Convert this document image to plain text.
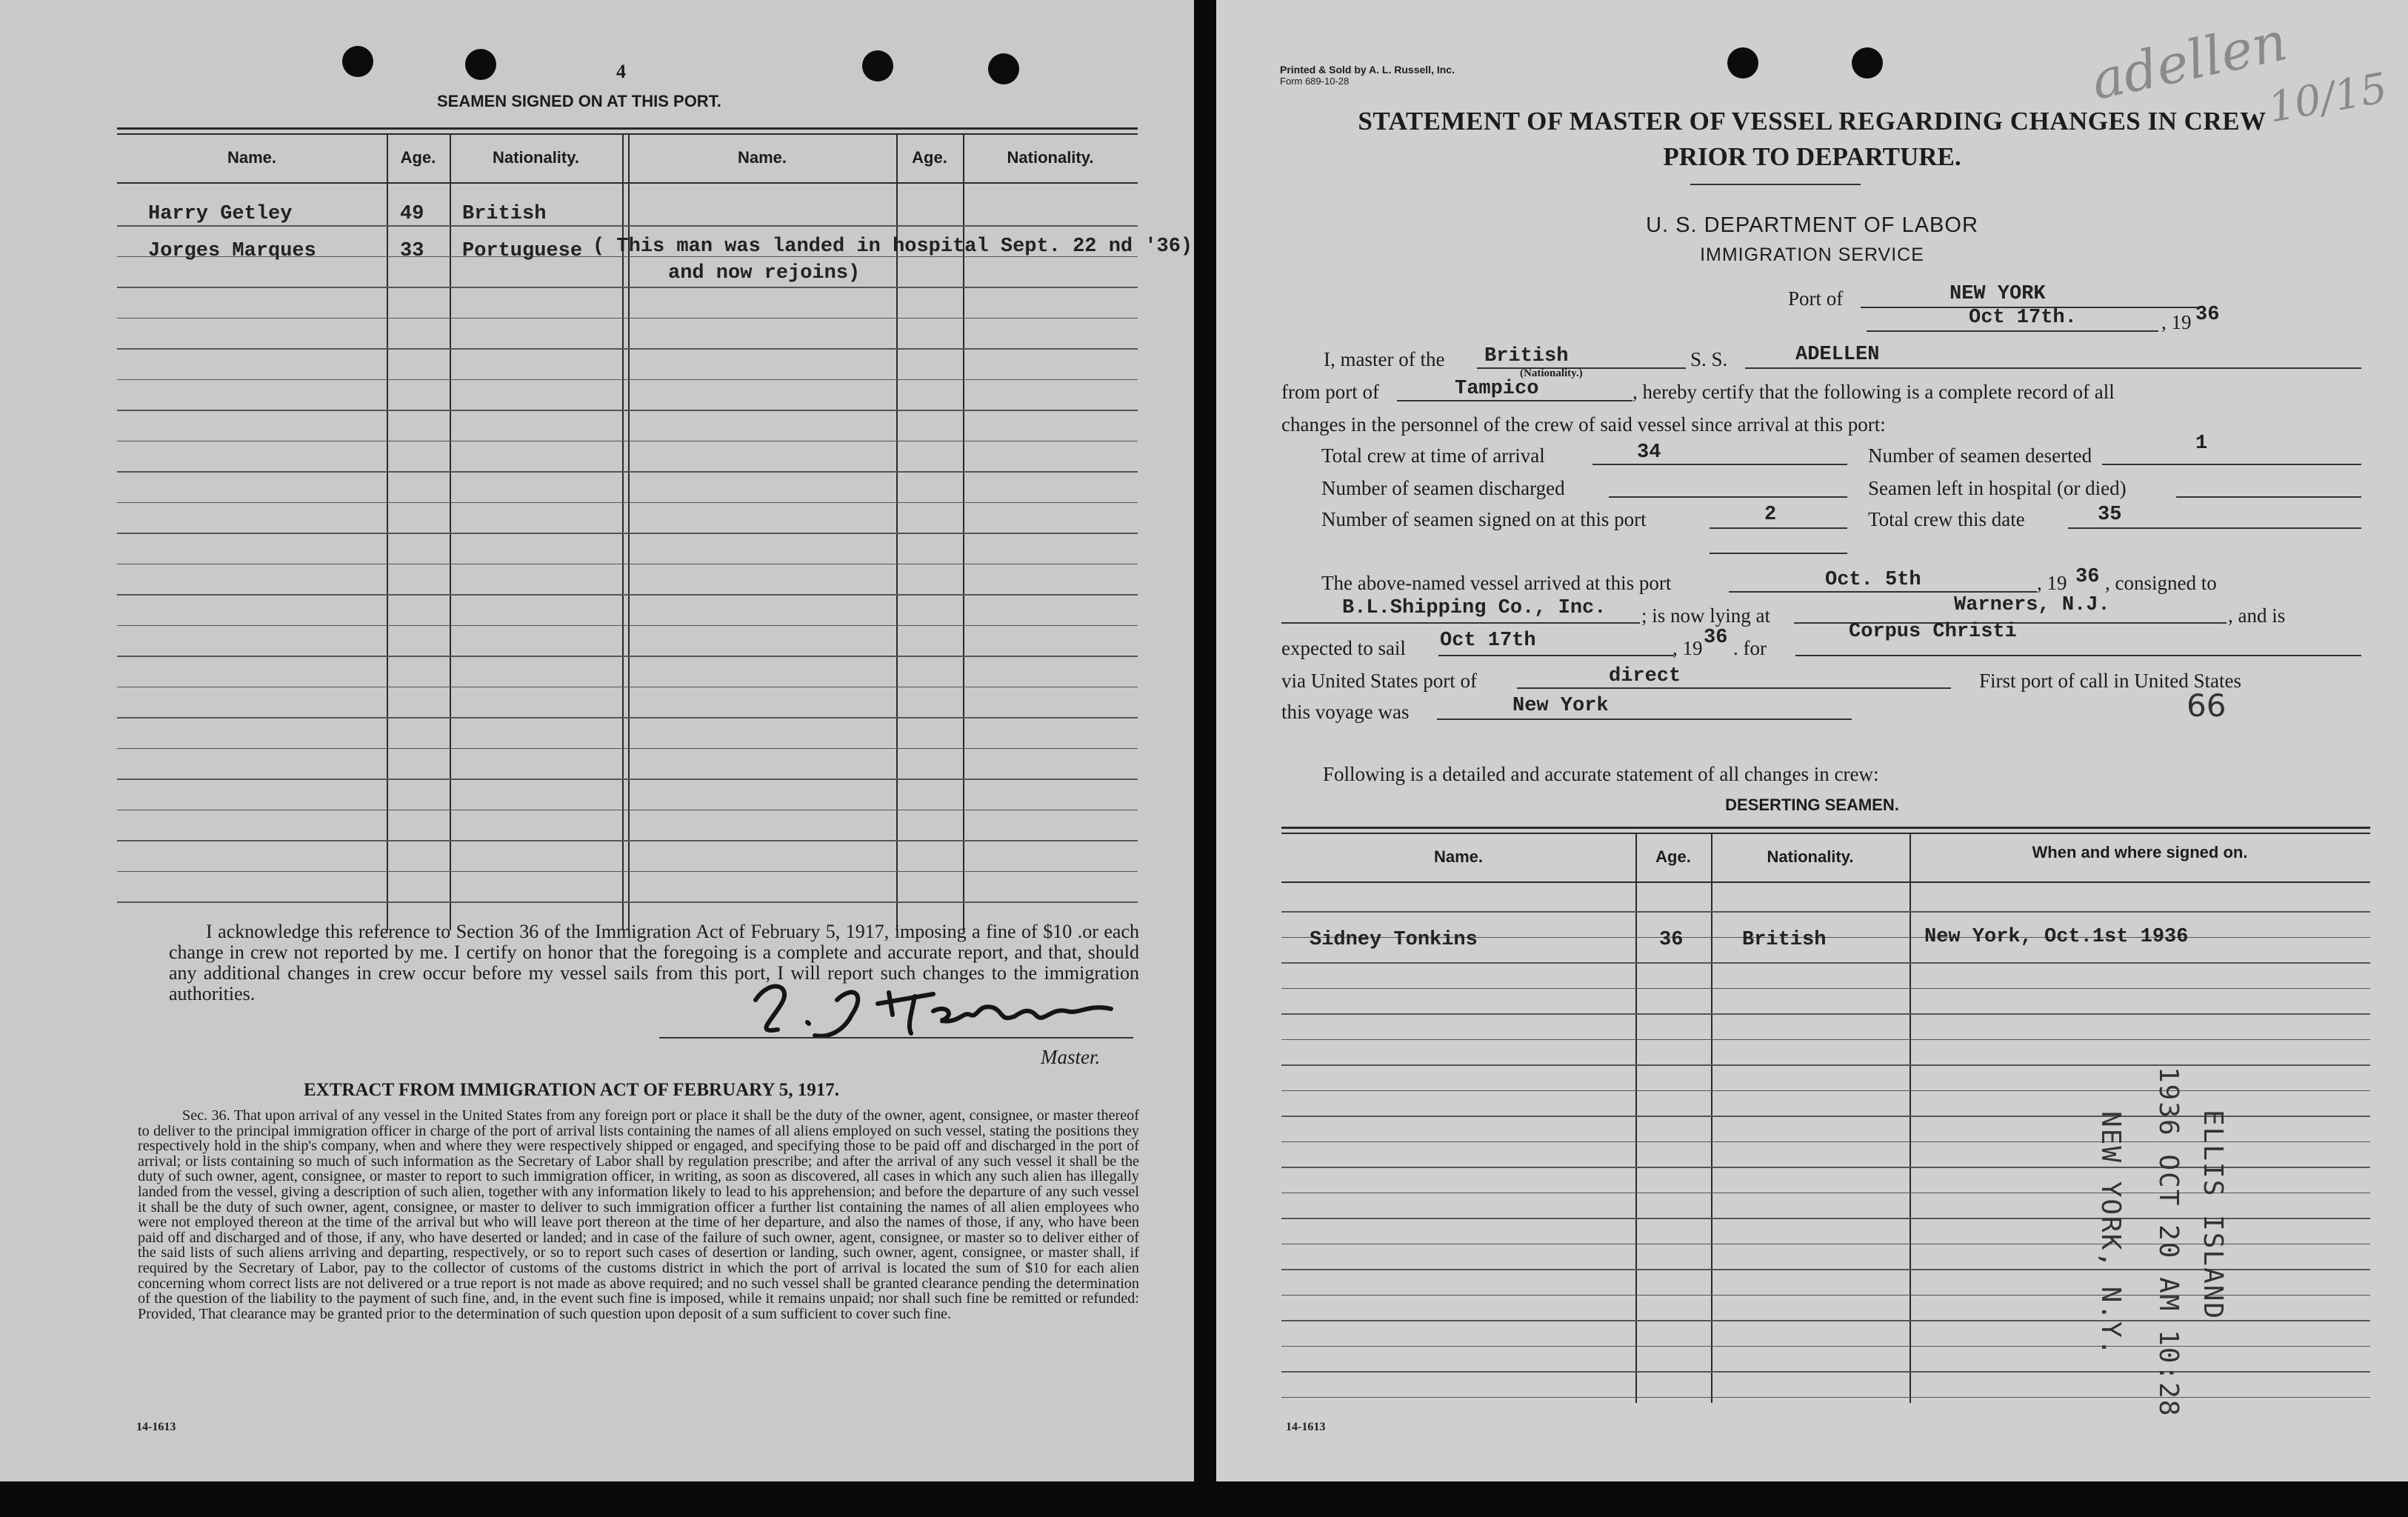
4
SEAMEN SIGNED ON AT THIS PORT.
Name.	Age.	Nationality.	Name.	Age.	Nationality.
Harry Getley	49 British
Jorges Marques	33 Portuguese ( This man was landed in hospital Sept. 22 nd '36)
and now rejoins)
I acknowledge this reference to Section 36 of the Immigration Act of February 5, 1917, imposing a fine of $10 .or each change in crew not reported by me. I certify on honor that the foregoing is a complete and accurate report, and that, should any additional changes in crew occur before my vessel sails from this port, I will report such changes to the immigration authorities.
Master.
EXTRACT FROM IMMIGRATION ACT OF FEBRUARY 5, 1917.
Sec. 36. That upon arrival of any vessel in the United States from any foreign port or place it shall be the duty of the owner, agent, consignee, or master thereof to deliver to the principal immigration officer in charge of the port of arrival lists containing the names of all aliens employed on such vessel, stating the positions they respectively hold in the ship's company, when and where they were respectively shipped or engaged, and specifying those to be paid off and discharged in the port of arrival; or lists containing so much of such information as the Secretary of Labor shall by regulation prescribe; and after the arrival of any such vessel it shall be the duty of such owner, agent, consignee, or master to report to such immigration officer, in writing, as soon as discovered, all cases in which any such alien has illegally landed from the vessel, giving a description of such alien, together with any information likely to lead to his apprehension; and before the departure of any such vessel it shall be the duty of such owner, agent, consignee, or master to deliver to such immigration officer a further list containing the names of all alien employees who were not employed thereon at the time of the arrival but who will leave port thereon at the time of her departure, and also the names of those, if any, who have been paid off and discharged and of those, if any, who have deserted or landed; and in case of the failure of such owner, agent, consignee, or master so to deliver either of the said lists of such aliens arriving and departing, respectively, or so to report such cases of desertion or landing, such owner, agent, consignee, or master shall, if required by the Secretary of Labor, pay to the collector of customs of the customs district in which the port of arrival is located the sum of $10 for each alien concerning whom correct lists are not delivered or a true report is not made as above required; and no such vessel shall be granted clearance pending the determination of the question of the liability to the payment of such fine, and, in the event such fine is imposed, while it remains unpaid; nor shall such fine be remitted or refunded: Provided, That clearance may be granted prior to the determination of such question upon deposit of a sum sufficient to cover such fine.
14-1613
Printed & Sold by A. L. Russell, Inc.
Form 689-10-28	adellen
10/15
STATEMENT OF MASTER OF VESSEL REGARDING CHANGES IN CREW
PRIOR TO DEPARTURE.
U. S. DEPARTMENT OF LABOR
IMMIGRATION SERVICE
Port of	NEW YORK
Oct 17th.	, 19 36
I, master of the British
(Nationality.)
S. S.	ADELLEN
from port of	Tampico	, hereby certify that the following is a complete record of all
changes in the personnel of the crew of said vessel since arrival at this port:
Total crew at time of arrival	34	Number of seamen deserted
1
Number of seamen discharged	Seamen left in hospital (or died)
Number of seamen signed on at this port	2	Total crew this date	35
The above-named vessel arrived at this port	Oct. 5th	, 19 36 , consigned to
B.L.Shipping Co., Inc. ; is now lying at	Warners, N.J.	, and is
expected to sail Oct 17th	, 19 36 . for
Corpus Christi
via United States port of	direct	First port of call in United States
this voyage was	New York	66
Following is a detailed and accurate statement of all changes in crew:
DESERTING SEAMEN.
Name.	Age.	Nationality.	When and where signed on.
Sidney Tonkins	36	British	New York, Oct.1st 1936
ELLIS ISLAND
1936 OCT 20 AM 10:28
NEW YORK, N.Y.
14-1613
